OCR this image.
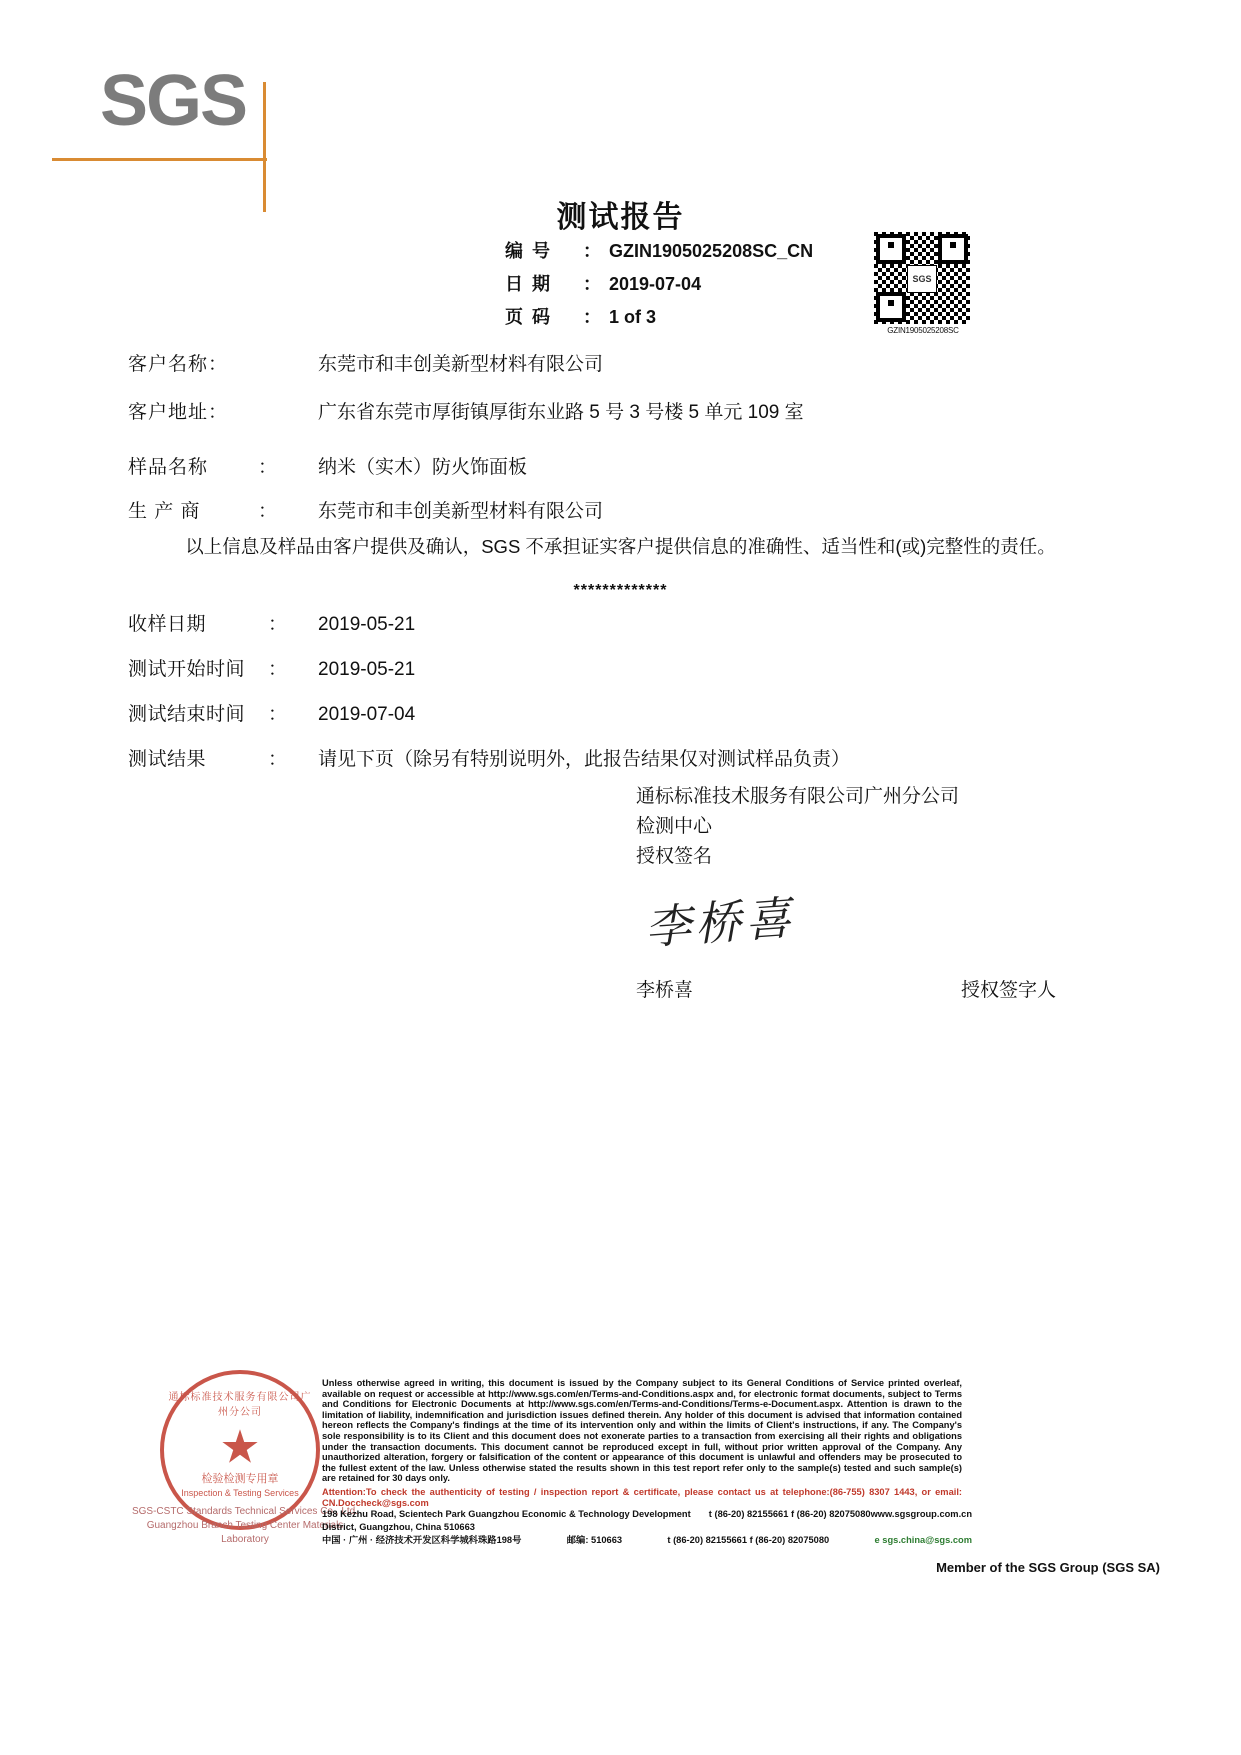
SGS
测试报告
编 号	： GZIN1905025208SC_CN
日 期	： 2019-07-04
页 码	： 1 of 3
SGS
GZIN1905025208SC
客户名称：	东莞市和丰创美新型材料有限公司
客户地址：	广东省东莞市厚街镇厚街东业路 5 号 3 号楼 5 单元 109 室
样品名称	：	纳米（实木）防火饰面板
生 产 商	：	东莞市和丰创美新型材料有限公司
以上信息及样品由客户提供及确认，SGS 不承担证实客户提供信息的准确性、适当性和(或)完整性的责任。
*************
收样日期	：	2019-05-21
测试开始时间	：	2019-05-21
测试结束时间	：	2019-07-04
测试结果	：	请见下页（除另有特别说明外，此报告结果仅对测试样品负责）
通标标准技术服务有限公司广州分公司
检测中心
授权签名
李桥喜
李桥喜	授权签字人
通标标准技术服务有限公司广州分公司
★
检验检测专用章
Inspection & Testing Services
SGS-CSTC Standards Technical Services Co., Ltd.
Guangzhou Branch Testing Center Materials Laboratory
Unless otherwise agreed in writing, this document is issued by the Company subject to its General Conditions of Service printed overleaf, available on request or accessible at http://www.sgs.com/en/Terms-and-Conditions.aspx and, for electronic format documents, subject to Terms and Conditions for Electronic Documents at http://www.sgs.com/en/Terms-and-Conditions/Terms-e-Document.aspx. Attention is drawn to the limitation of liability, indemnification and jurisdiction issues defined therein. Any holder of this document is advised that information contained hereon reflects the Company's findings at the time of its intervention only and within the limits of Client's instructions, if any. The Company's sole responsibility is to its Client and this document does not exonerate parties to a transaction from exercising all their rights and obligations under the transaction documents. This document cannot be reproduced except in full, without prior written approval of the Company. Any unauthorized alteration, forgery or falsification of the content or appearance of this document is unlawful and offenders may be prosecuted to the fullest extent of the law. Unless otherwise stated the results shown in this test report refer only to the sample(s) tested and such sample(s) are retained for 30 days only.
Attention:To check the authenticity of testing / inspection report & certificate, please contact us at telephone:(86-755) 8307 1443, or email: CN.Doccheck@sgs.com
198 Kezhu Road, Scientech Park Guangzhou Economic & Technology Development District, Guangzhou, China 510663
t (86-20) 82155661 f (86-20) 82075080 www.sgsgroup.com.cn
中国 · 广州 · 经济技术开发区科学城科珠路198号	邮编: 510663	t (86-20) 82155661 f (86-20) 82075080	e sgs.china@sgs.com
Member of the SGS Group (SGS SA)
